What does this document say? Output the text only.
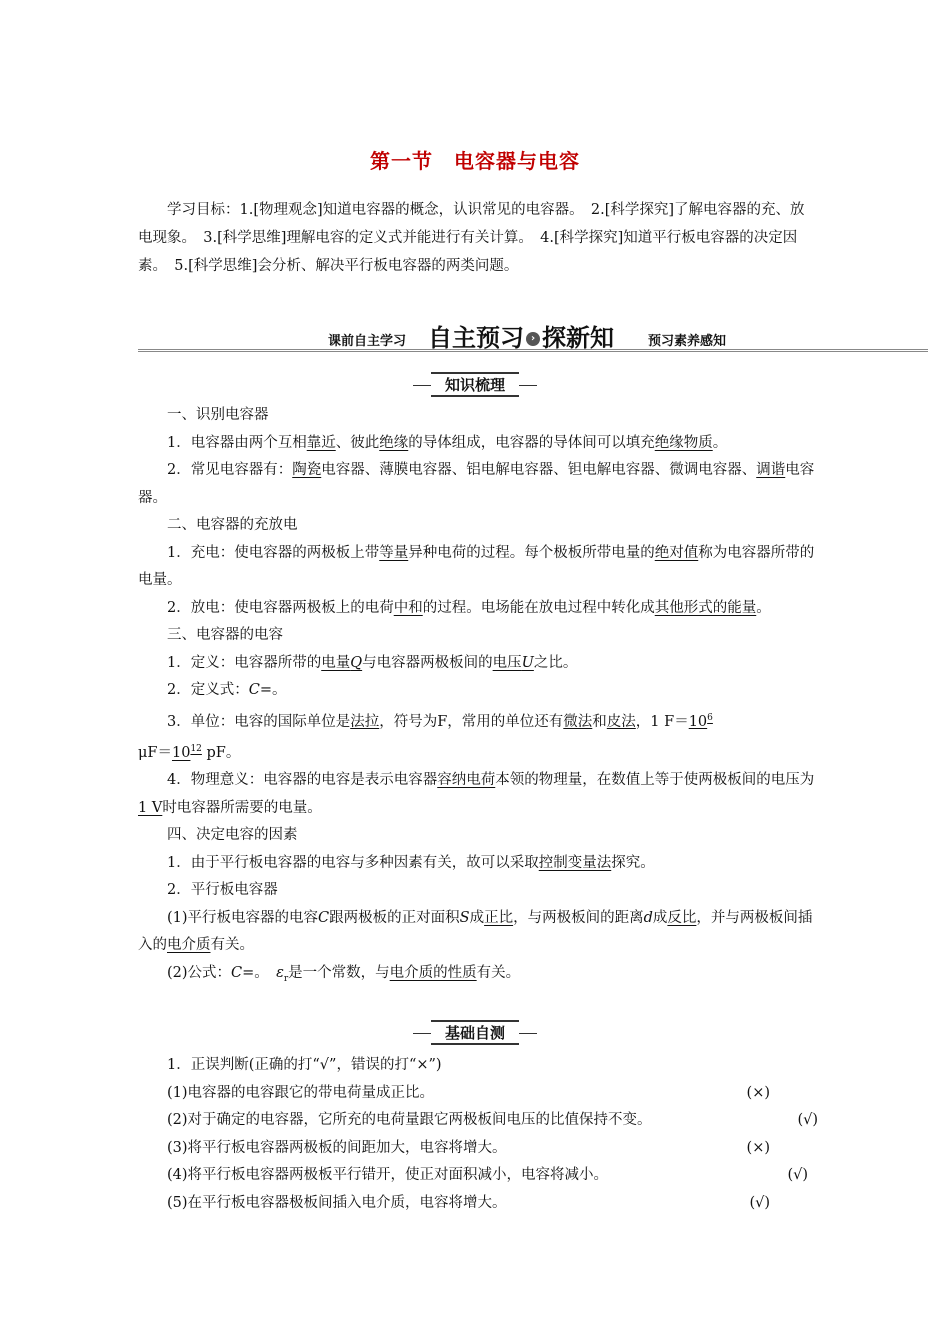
第一节　电容器与电容
学习目标：1.[物理观念]知道电容器的概念，认识常见的电容器。　2.[科学探究]了解电容器的充、放电现象。　3.[科学思维]理解电容的定义式并能进行有关计算。　4.[科学探究]知道平行板电容器的决定因素。　5.[科学思维]会分析、解决平行板电容器的两类问题。
课前自主学习 自主预习 › 探新知	预习素养感知
知识梳理

一、识别电容器

1．电容器由两个互相靠近、彼此绝缘的导体组成，电容器的导体间可以填充绝缘物质。

2．常见电容器有：陶瓷电容器、薄膜电容器、铝电解电容器、钽电解电容器、微调电容器、调谐电容器。

二、电容器的充放电

1．充电：使电容器的两极板上带等量异种电荷的过程。每个极板所带电量的绝对值称为电容器所带的电量。

2．放电：使电容器两极板上的电荷中和的过程。电场能在放电过程中转化成其他形式的能量。

三、电容器的电容

1．定义：电容器所带的电量Q与电容器两极板间的电压U之比。

2．定义式：C=。

3．单位：电容的国际单位是法拉，符号为F，常用的单位还有微法和皮法，1 $F=10^6$
$\mu F=10^{12}$ pF。

4．物理意义：电容器的电容是表示电容器容纳电荷本领的物理量，在数值上等于使两极板间的电压为1 V时电容器所需要的电量。

四、决定电容的因素

1．由于平行板电容器的电容与多种因素有关，故可以采取控制变量法探究。

2．平行板电容器

(1)平行板电容器的电容C跟两极板的正对面积S成正比，与两极板间的距离d成反比，并与两极板间插入的电介质有关。

(2)公式：C=。　 $\varepsilon_r$是一个常数，与电介质的性质有关。

基础自测

1．正误判断(正确的打“√”，错误的打“×”)

(1)电容器的电容跟它的带电荷量成正比。	(×)
(2)对于确定的电容器，它所充的电荷量跟它两极板间电压的比值保持不变。	(√)
(3)将平行板电容器两极板的间距加大，电容将增大。	(×)
(4)将平行板电容器两极板平行错开，使正对面积减小，电容将减小。	(√)
(5)在平行板电容器极板间插入电介质，电容将增大。	(√)
